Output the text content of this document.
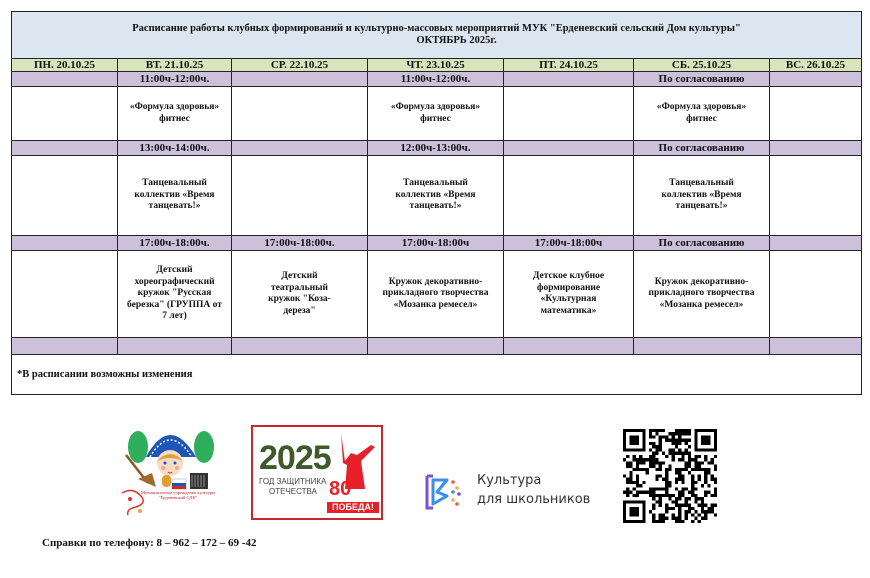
Расписание работы клубных формирований и культурно-массовых мероприятий МУК "Ерденевский сельский Дом культуры"
ОКТЯБРЬ 2025г.						

ПН. 20.10.25	ВТ. 21.10.25	СР. 22.10.25	ЧТ. 23.10.25	ПТ. 24.10.25	СБ. 25.10.25	ВС. 26.10.25
	11:00ч-12:00ч.		11:00ч-12:00ч.		По согласованию	
	«Формула здоровья» фитнес		«Формула здоровья» фитнес		«Формула здоровья» фитнес	
	13:00ч-14:00ч.		12:00ч-13:00ч.		По согласованию	
	Танцевальный коллектив «Время танцевать!»		Танцевальный коллектив «Время танцевать!»		Танцевальный коллектив «Время танцевать!»	
	17:00ч-18:00ч.	17:00ч-18:00ч.	17:00ч-18:00ч	17:00ч-18:00ч	По согласованию	
	Детский хореографический кружок "Русская березка" (ГРУППА от 7 лет)	Детский театральный кружок "Коза-дереза"	Кружок декоративно-прикладного творчества «Мозанка ремесел»	Детское клубное формирование «Культурная математика»	Кружок декоративно-прикладного творчества «Мозанка ремесел»	

*В расписании возможны изменения						
Муниципальное учреждение культуры "Ерденевский СДК"
2025
ГОД ЗАЩИТНИКА
ОТЕЧЕСТВА 80
ПОБЕДА!
Культура
для школьников
Справки по телефону: 8 – 962 – 172 – 69 -42
